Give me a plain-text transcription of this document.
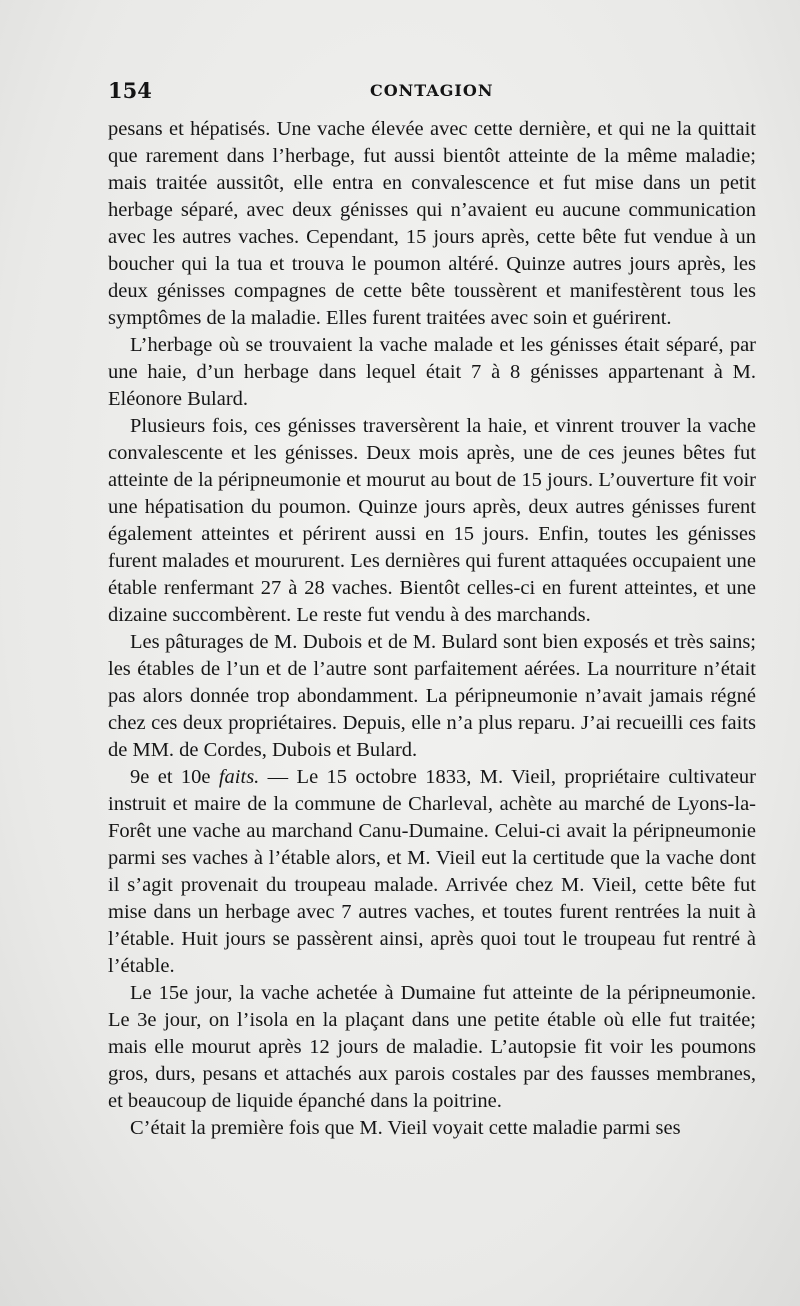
154	CONTAGION

pesans et hépatisés. Une vache élevée avec cette dernière, et qui ne la quittait que rarement dans l’herbage, fut aussi bientôt atteinte de la même maladie; mais traitée aussitôt, elle entra en convalescence et fut mise dans un petit herbage séparé, avec deux génisses qui n’avaient eu aucune communication avec les autres vaches. Cependant, 15 jours après, cette bête fut vendue à un boucher qui la tua et trouva le poumon altéré. Quinze autres jours après, les deux génisses compagnes de cette bête toussèrent et manifestèrent tous les symptômes de la maladie. Elles furent traitées avec soin et guérirent.

L’herbage où se trouvaient la vache malade et les génisses était séparé, par une haie, d’un herbage dans lequel était 7 à 8 génisses appartenant à M. Eléonore Bulard.

Plusieurs fois, ces génisses traversèrent la haie, et vinrent trouver la vache convalescente et les génisses. Deux mois après, une de ces jeunes bêtes fut atteinte de la péripneumonie et mourut au bout de 15 jours. L’ouverture fit voir une hépatisation du poumon. Quinze jours après, deux autres génisses furent également atteintes et périrent aussi en 15 jours. Enfin, toutes les génisses furent malades et moururent. Les dernières qui furent attaquées occupaient une étable renfermant 27 à 28 vaches. Bientôt celles-ci en furent atteintes, et une dizaine succombèrent. Le reste fut vendu à des marchands.

Les pâturages de M. Dubois et de M. Bulard sont bien exposés et très sains; les étables de l’un et de l’autre sont parfaitement aérées. La nourriture n’était pas alors donnée trop abondamment. La péripneumonie n’avait jamais régné chez ces deux propriétaires. Depuis, elle n’a plus reparu. J’ai recueilli ces faits de MM. de Cordes, Dubois et Bulard.

9e et 10e faits. — Le 15 octobre 1833, M. Vieil, propriétaire cultivateur instruit et maire de la commune de Charleval, achète au marché de Lyons-la-Forêt une vache au marchand Canu-Dumaine. Celui-ci avait la péripneumonie parmi ses vaches à l’étable alors, et M. Vieil eut la certitude que la vache dont il s’agit provenait du troupeau malade. Arrivée chez M. Vieil, cette bête fut mise dans un herbage avec 7 autres vaches, et toutes furent rentrées la nuit à l’étable. Huit jours se passèrent ainsi, après quoi tout le troupeau fut rentré à l’étable.

Le 15e jour, la vache achetée à Dumaine fut atteinte de la péripneumonie. Le 3e jour, on l’isola en la plaçant dans une petite étable où elle fut traitée; mais elle mourut après 12 jours de maladie. L’autopsie fit voir les poumons gros, durs, pesans et attachés aux parois costales par des fausses membranes, et beaucoup de liquide épanché dans la poitrine.

C’était la première fois que M. Vieil voyait cette maladie parmi ses
